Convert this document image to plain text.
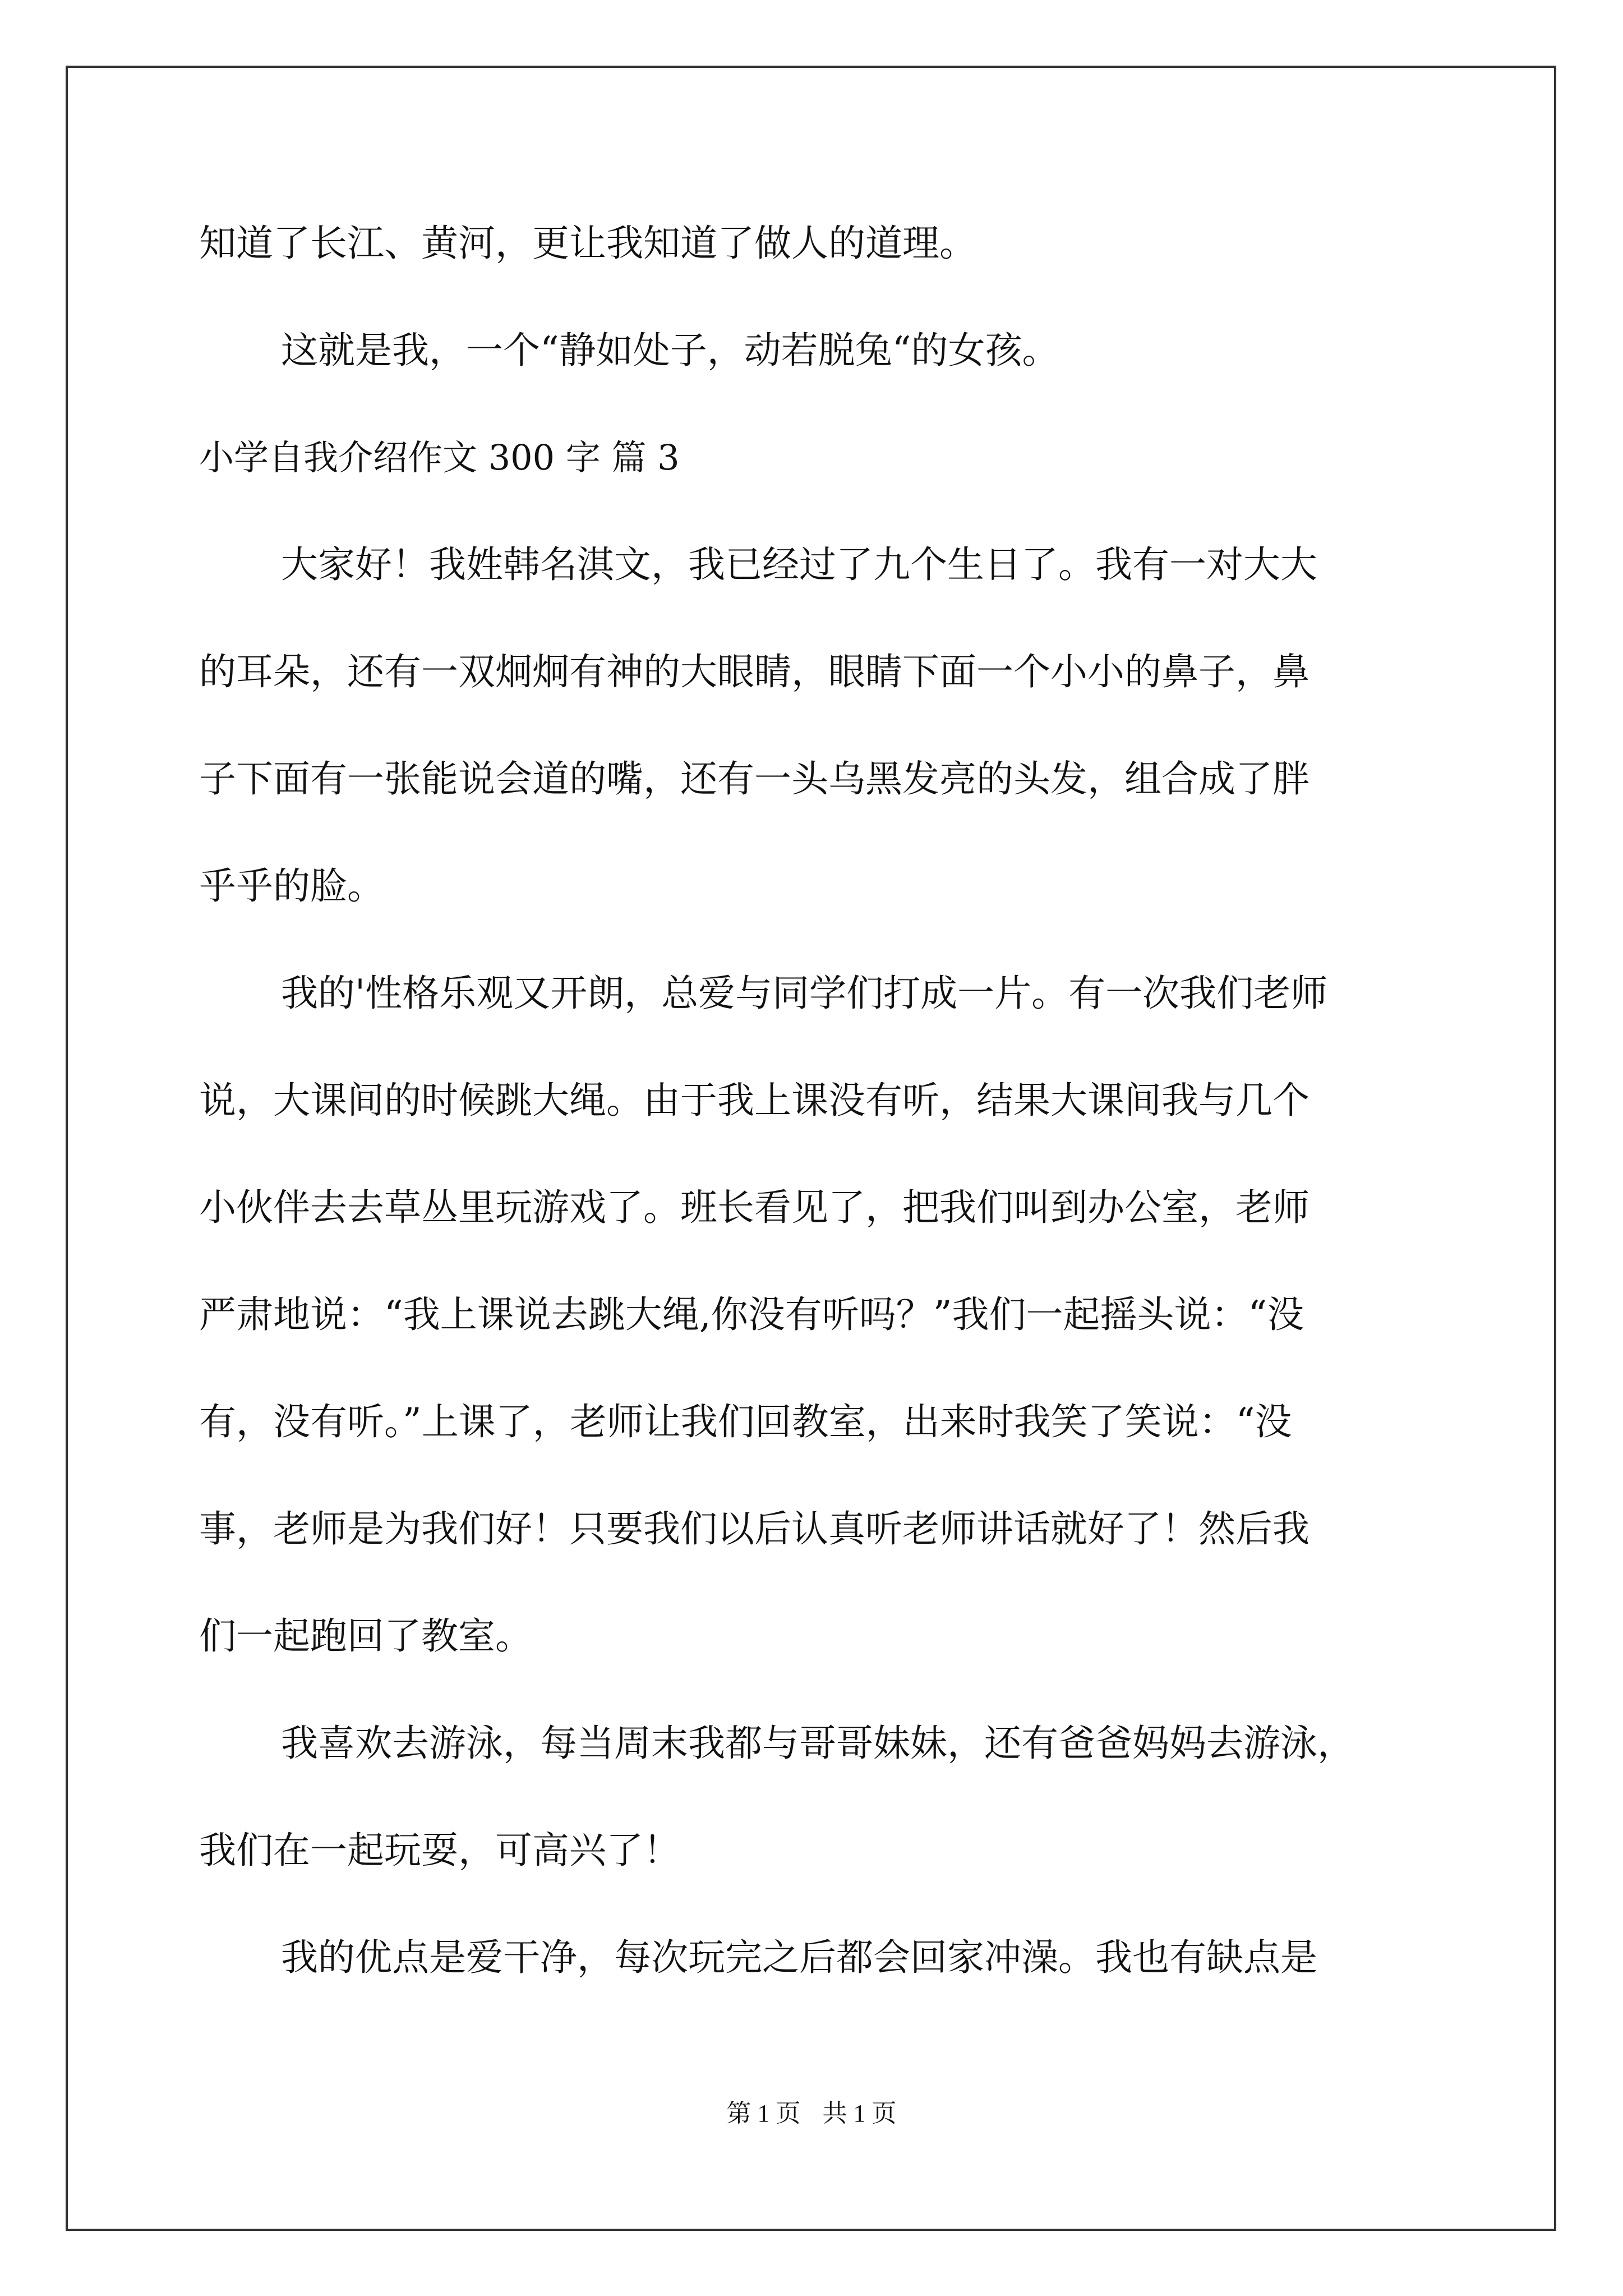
知道了长江、黄河，更让我知道了做人的道理。
这就是我，一个“静如处子，动若脱兔“的女孩。
小学自我介绍作文 300 字 篇 3
大家好！我姓韩名淇文，我已经过了九个生日了。我有一对大大
的耳朵，还有一双炯炯有神的大眼睛，眼睛下面一个小小的鼻子，鼻
子下面有一张能说会道的嘴，还有一头乌黑发亮的头发，组合成了胖
乎乎的脸。
我的'性格乐观又开朗，总爱与同学们打成一片。有一次我们老师
说，大课间的时候跳大绳。由于我上课没有听，结果大课间我与几个
小伙伴去去草丛里玩游戏了。班长看见了，把我们叫到办公室，老师
严肃地说：“我上课说去跳大绳,你没有听吗？”我们一起摇头说：“没
有，没有听。”上课了，老师让我们回教室，出来时我笑了笑说：“没
事，老师是为我们好！只要我们以后认真听老师讲话就好了！然后我
们一起跑回了教室。
我喜欢去游泳，每当周末我都与哥哥妹妹，还有爸爸妈妈去游泳，
我们在一起玩耍，可高兴了！
我的优点是爱干净，每次玩完之后都会回家冲澡。我也有缺点是
第 1 页 共 1 页
